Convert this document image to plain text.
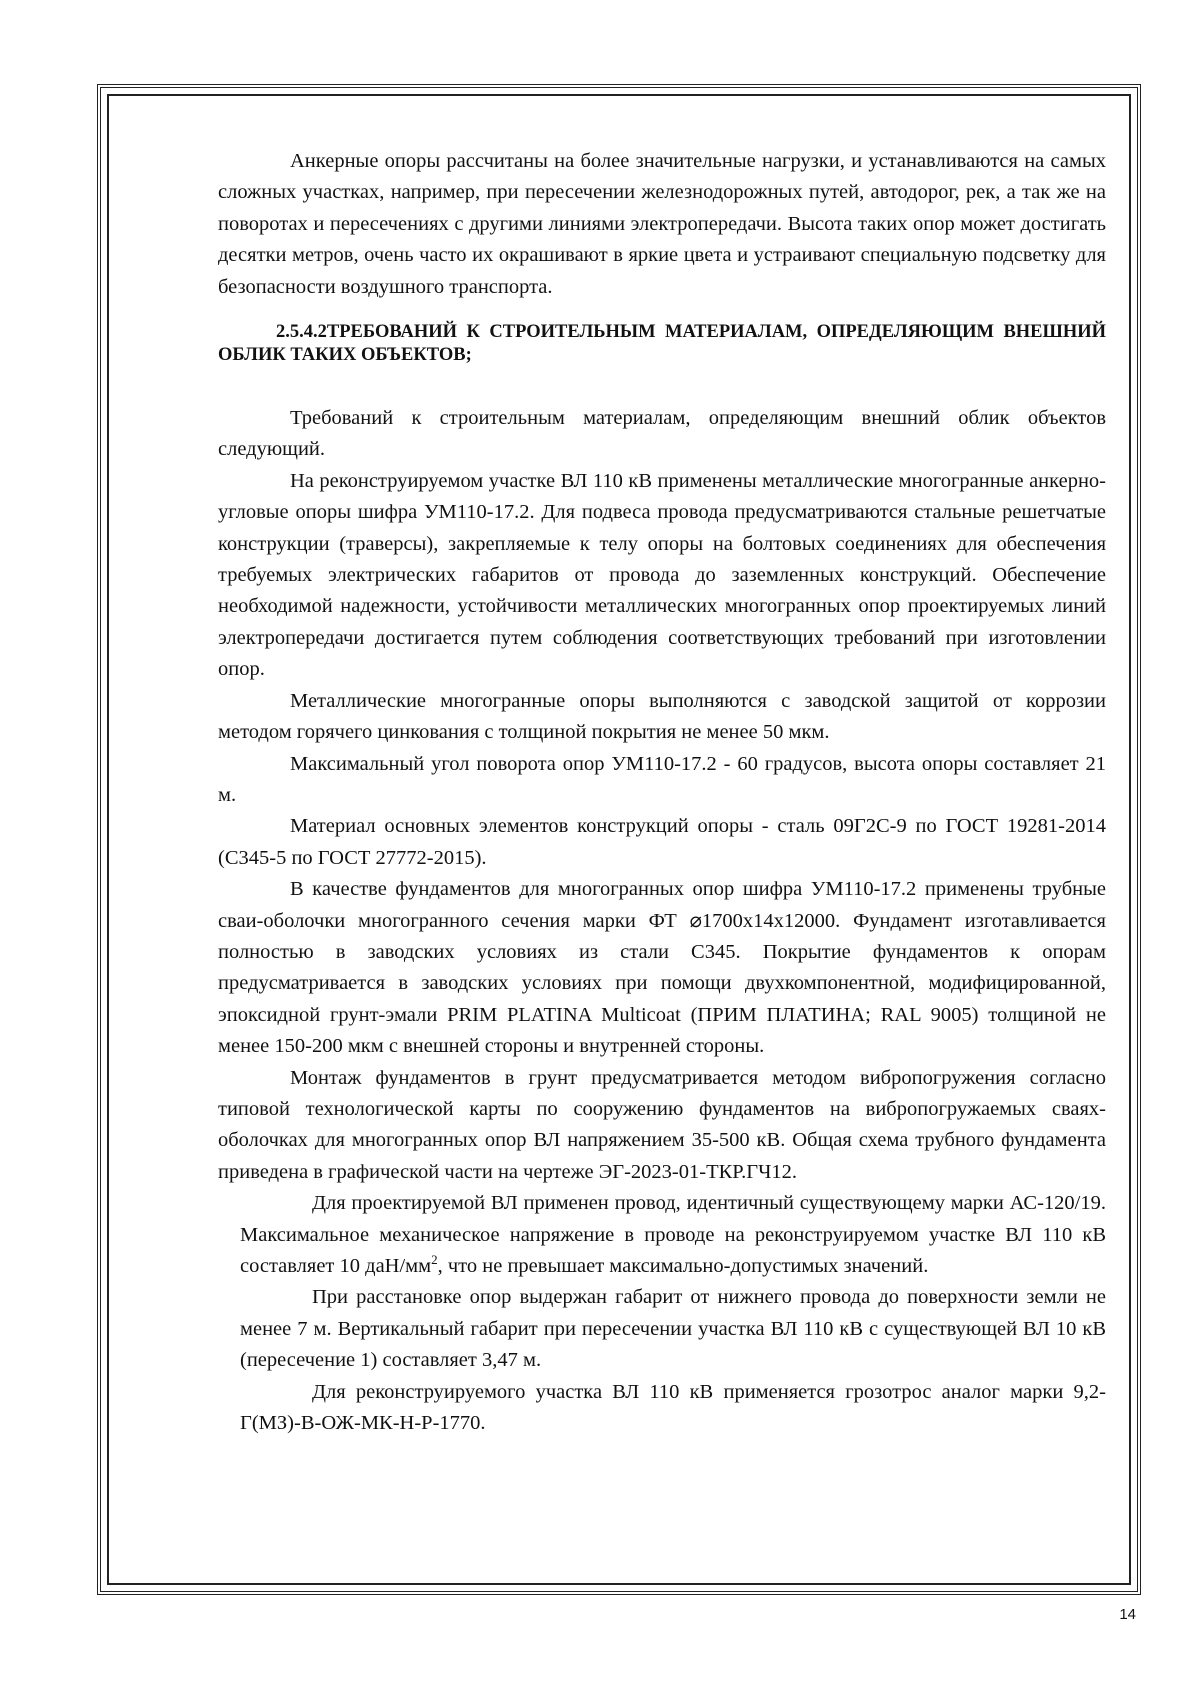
Анкерные опоры рассчитаны на более значительные нагрузки, и устанавливаются на самых сложных участках, например, при пересечении железнодорожных путей, автодорог, рек, а так же на поворотах и пересечениях с другими линиями электропередачи. Высота таких опор может достигать десятки метров, очень часто их окрашивают в яркие цвета и устраивают специальную подсветку для безопасности воздушного транспорта.

2.5.4.2ТРЕБОВАНИЙ К СТРОИТЕЛЬНЫМ МАТЕРИАЛАМ, ОПРЕДЕЛЯЮЩИМ ВНЕШНИЙ ОБЛИК ТАКИХ ОБЪЕКТОВ;

Требований к строительным материалам, определяющим внешний облик объектов следующий.

На реконструируемом участке ВЛ 110 кВ применены металлические многогранные анкерно-угловые опоры шифра УМ110-17.2. Для подвеса провода предусматриваются стальные решетчатые конструкции (траверсы), закрепляемые к телу опоры на болтовых соединениях для обеспечения требуемых электрических габаритов от провода до заземленных конструкций. Обеспечение необходимой надежности, устойчивости металлических многогранных опор проектируемых линий электропередачи достигается путем соблюдения соответствующих требований при изготовлении опор.

Металлические многогранные опоры выполняются с заводской защитой от коррозии методом горячего цинкования с толщиной покрытия не менее 50 мкм.

Максимальный угол поворота опор УМ110-17.2 - 60 градусов, высота опоры составляет 21 м.

Материал основных элементов конструкций опоры - сталь 09Г2С-9 по ГОСТ 19281-2014 (С345-5 по ГОСТ 27772-2015).

В качестве фундаментов для многогранных опор шифра УМ110-17.2 применены трубные сваи-оболочки многогранного сечения марки ФТ ⌀1700x14x12000. Фундамент изготавливается полностью в заводских условиях из стали С345. Покрытие фундаментов к опорам предусматривается в заводских условиях при помощи двухкомпонентной, модифицированной, эпоксидной грунт-эмали PRIM PLATINA Multicoat (ПРИМ ПЛАТИНА; RAL 9005) толщиной не менее 150-200 мкм с внешней стороны и внутренней стороны.

Монтаж фундаментов в грунт предусматривается методом вибропогружения согласно типовой технологической карты по сооружению фундаментов на вибропогружаемых сваях-оболочках для многогранных опор ВЛ напряжением 35-500 кВ. Общая схема трубного фундамента приведена в графической части на чертеже ЭГ-2023-01-ТКР.ГЧ12.

Для проектируемой ВЛ применен провод, идентичный существующему марки АС-120/19. Максимальное механическое напряжение в проводе на реконструируемом участке ВЛ 110 кВ составляет 10 даН/$мм^2$, что не превышает максимально-допустимых значений.

При расстановке опор выдержан габарит от нижнего провода до поверхности земли не менее 7 м. Вертикальный габарит при пересечении участка ВЛ 110 кВ с существующей ВЛ 10 кВ (пересечение 1) составляет 3,47 м.

Для реконструируемого участка ВЛ 110 кВ применяется грозотрос аналог марки 9,2-Г(МЗ)-В-ОЖ-МК-Н-Р-1770.

14
